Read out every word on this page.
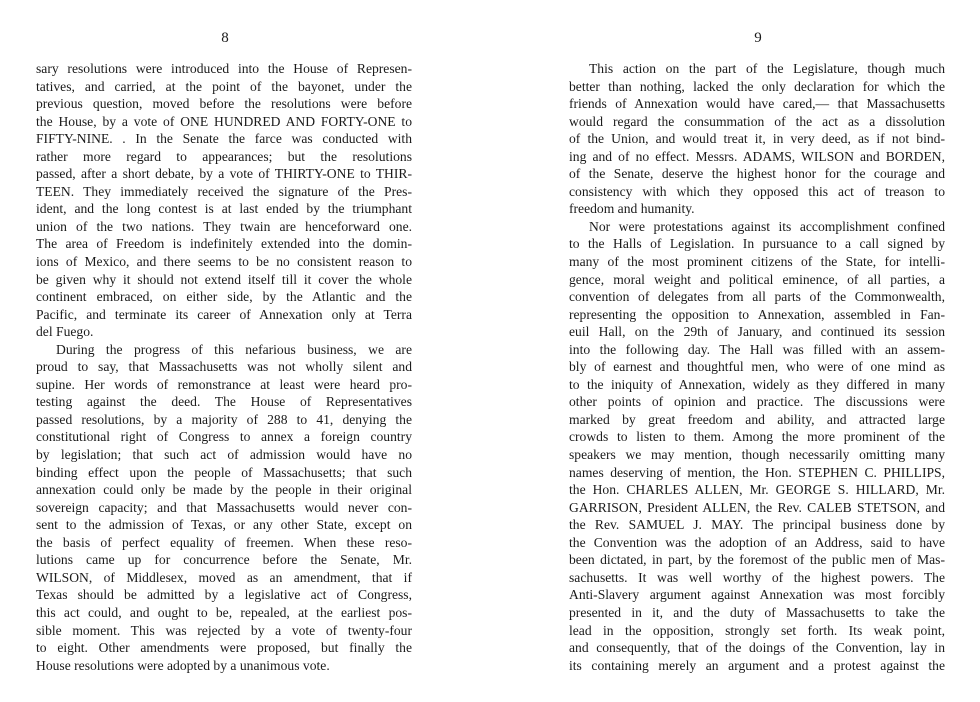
8
sary resolutions were introduced into the House of Represen-
tatives, and carried, at the point of the bayonet, under the
previous question, moved before the resolutions were before
the House, by a vote of ONE HUNDRED AND FORTY-ONE to
FIFTY-NINE. . In the Senate the farce was conducted with
rather more regard to appearances; but the resolutions
passed, after a short debate, by a vote of THIRTY-ONE to THIR-
TEEN. They immediately received the signature of the Pres-
ident, and the long contest is at last ended by the triumphant
union of the two nations. They twain are henceforward one.
The area of Freedom is indefinitely extended into the domin-
ions of Mexico, and there seems to be no consistent reason to
be given why it should not extend itself till it cover the whole
continent embraced, on either side, by the Atlantic and the
Pacific, and terminate its career of Annexation only at Terra
del Fuego.
During the progress of this nefarious business, we are
proud to say, that Massachusetts was not wholly silent and
supine. Her words of remonstrance at least were heard pro-
testing against the deed. The House of Representatives
passed resolutions, by a majority of 288 to 41, denying the
constitutional right of Congress to annex a foreign country
by legislation; that such act of admission would have no
binding effect upon the people of Massachusetts; that such
annexation could only be made by the people in their original
sovereign capacity; and that Massachusetts would never con-
sent to the admission of Texas, or any other State, except on
the basis of perfect equality of freemen. When these reso-
lutions came up for concurrence before the Senate, Mr.
WILSON, of Middlesex, moved as an amendment, that if
Texas should be admitted by a legislative act of Congress,
this act could, and ought to be, repealed, at the earliest pos-
sible moment. This was rejected by a vote of twenty-four
to eight. Other amendments were proposed, but finally the
House resolutions were adopted by a unanimous vote.
9
This action on the part of the Legislature, though much
better than nothing, lacked the only declaration for which the
friends of Annexation would have cared,— that Massachusetts
would regard the consummation of the act as a dissolution
of the Union, and would treat it, in very deed, as if not bind-
ing and of no effect. Messrs. ADAMS, WILSON and BORDEN,
of the Senate, deserve the highest honor for the courage and
consistency with which they opposed this act of treason to
freedom and humanity.
Nor were protestations against its accomplishment confined
to the Halls of Legislation. In pursuance to a call signed by
many of the most prominent citizens of the State, for intelli-
gence, moral weight and political eminence, of all parties, a
convention of delegates from all parts of the Commonwealth,
representing the opposition to Annexation, assembled in Fan-
euil Hall, on the 29th of January, and continued its session
into the following day. The Hall was filled with an assem-
bly of earnest and thoughtful men, who were of one mind as
to the iniquity of Annexation, widely as they differed in many
other points of opinion and practice. The discussions were
marked by great freedom and ability, and attracted large
crowds to listen to them. Among the more prominent of the
speakers we may mention, though necessarily omitting many
names deserving of mention, the Hon. STEPHEN C. PHILLIPS,
the Hon. CHARLES ALLEN, Mr. GEORGE S. HILLARD, Mr.
GARRISON, President ALLEN, the Rev. CALEB STETSON, and
the Rev. SAMUEL J. MAY. The principal business done by
the Convention was the adoption of an Address, said to have
been dictated, in part, by the foremost of the public men of Mas-
sachusetts. It was well worthy of the highest powers. The
Anti-Slavery argument against Annexation was most forcibly
presented in it, and the duty of Massachusetts to take the
lead in the opposition, strongly set forth. Its weak point,
and consequently, that of the doings of the Convention, lay in
its containing merely an argument and a protest against the
